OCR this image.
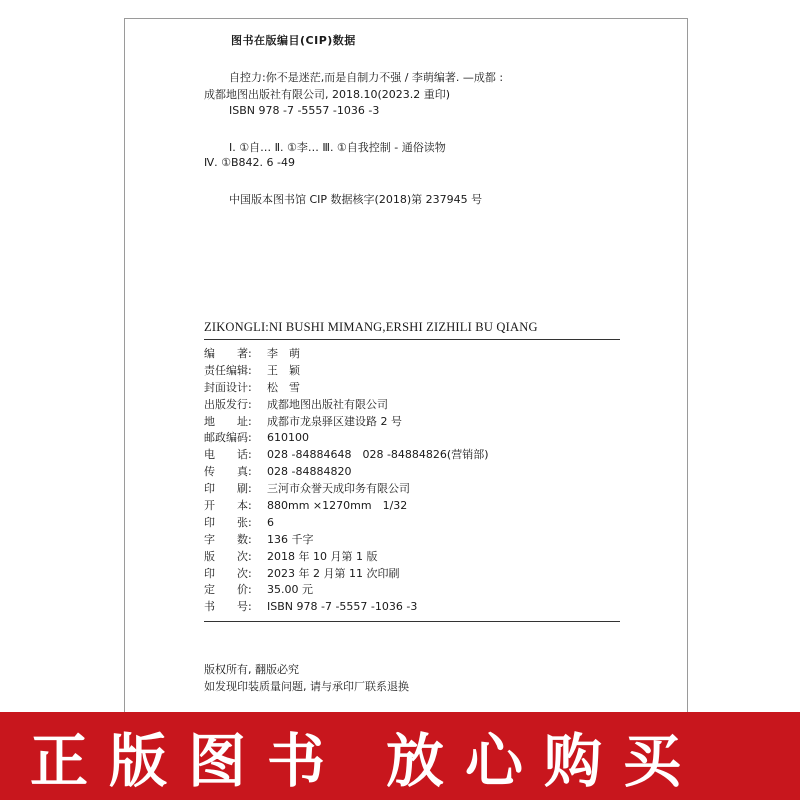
图书在版编目(CIP)数据
自控力:你不是迷茫,而是自制力不强 / 李萌编著. —成都 :
成都地图出版社有限公司, 2018.10(2023.2 重印)
ISBN 978 -7 -5557 -1036 -3
Ⅰ. ①自… Ⅱ. ①李… Ⅲ. ①自我控制 - 通俗读物
Ⅳ. ①B842. 6 -49
中国版本图书馆 CIP 数据核字(2018)第 237945 号
ZIKONGLI:NI BUSHI MIMANG,ERSHI ZIZHILI BU QIANG
编　　著:	李　萌
责任编辑:	王　颖
封面设计:	松　雪
出版发行:	成都地图出版社有限公司
地　　址:	成都市龙泉驿区建设路 2 号
邮政编码:	610100
电　　话:	028 -84884648　028 -84884826(营销部)
传　　真:	028 -84884820
印　　刷:	三河市众誉天成印务有限公司
开　　本:	880mm ×1270mm　1/32
印　　张:	6
字　　数:	136 千字
版　　次:	2018 年 10 月第 1 版
印　　次:	2023 年 2 月第 11 次印刷
定　　价:	35.00 元
书　　号:	ISBN 978 -7 -5557 -1036 -3
版权所有, 翻版必究
如发现印装质量问题, 请与承印厂联系退换
正版图书 放心购买
